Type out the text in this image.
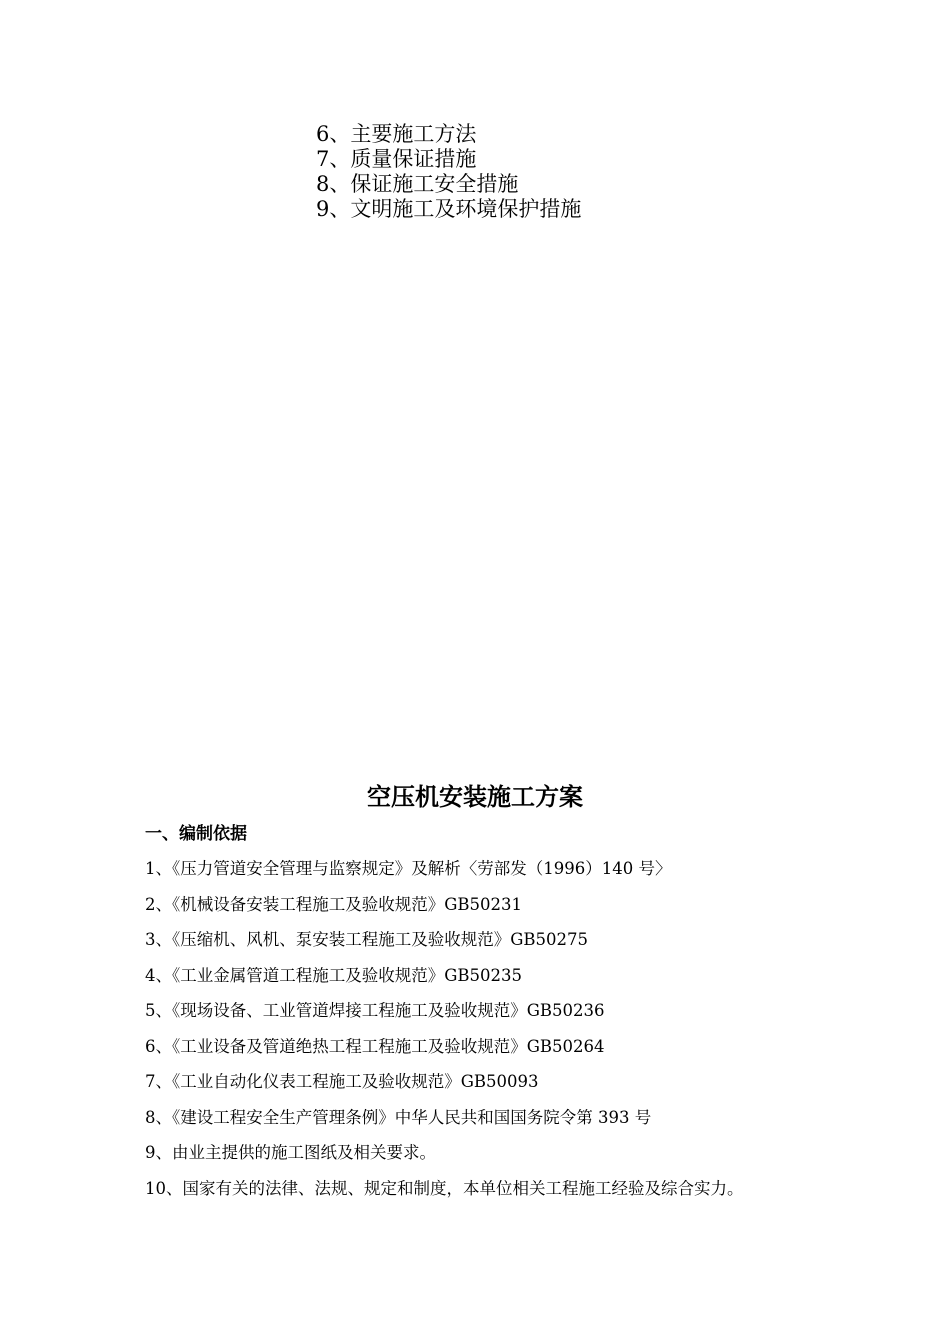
6、主要施工方法
7、质量保证措施
8、保证施工安全措施
9、文明施工及环境保护措施
空压机安装施工方案
一、编制依据
1、《压力管道安全管理与监察规定》及解析〈劳部发（1996）140 号〉
2、《机械设备安装工程施工及验收规范》GB50231
3、《压缩机、风机、泵安装工程施工及验收规范》GB50275
4、《工业金属管道工程施工及验收规范》GB50235
5、《现场设备、工业管道焊接工程施工及验收规范》GB50236
6、《工业设备及管道绝热工程工程施工及验收规范》GB50264
7、《工业自动化仪表工程施工及验收规范》GB50093
8、《建设工程安全生产管理条例》中华人民共和国国务院令第 393 号
9、由业主提供的施工图纸及相关要求。
10、国家有关的法律、法规、规定和制度，本单位相关工程施工经验及综合实力。
